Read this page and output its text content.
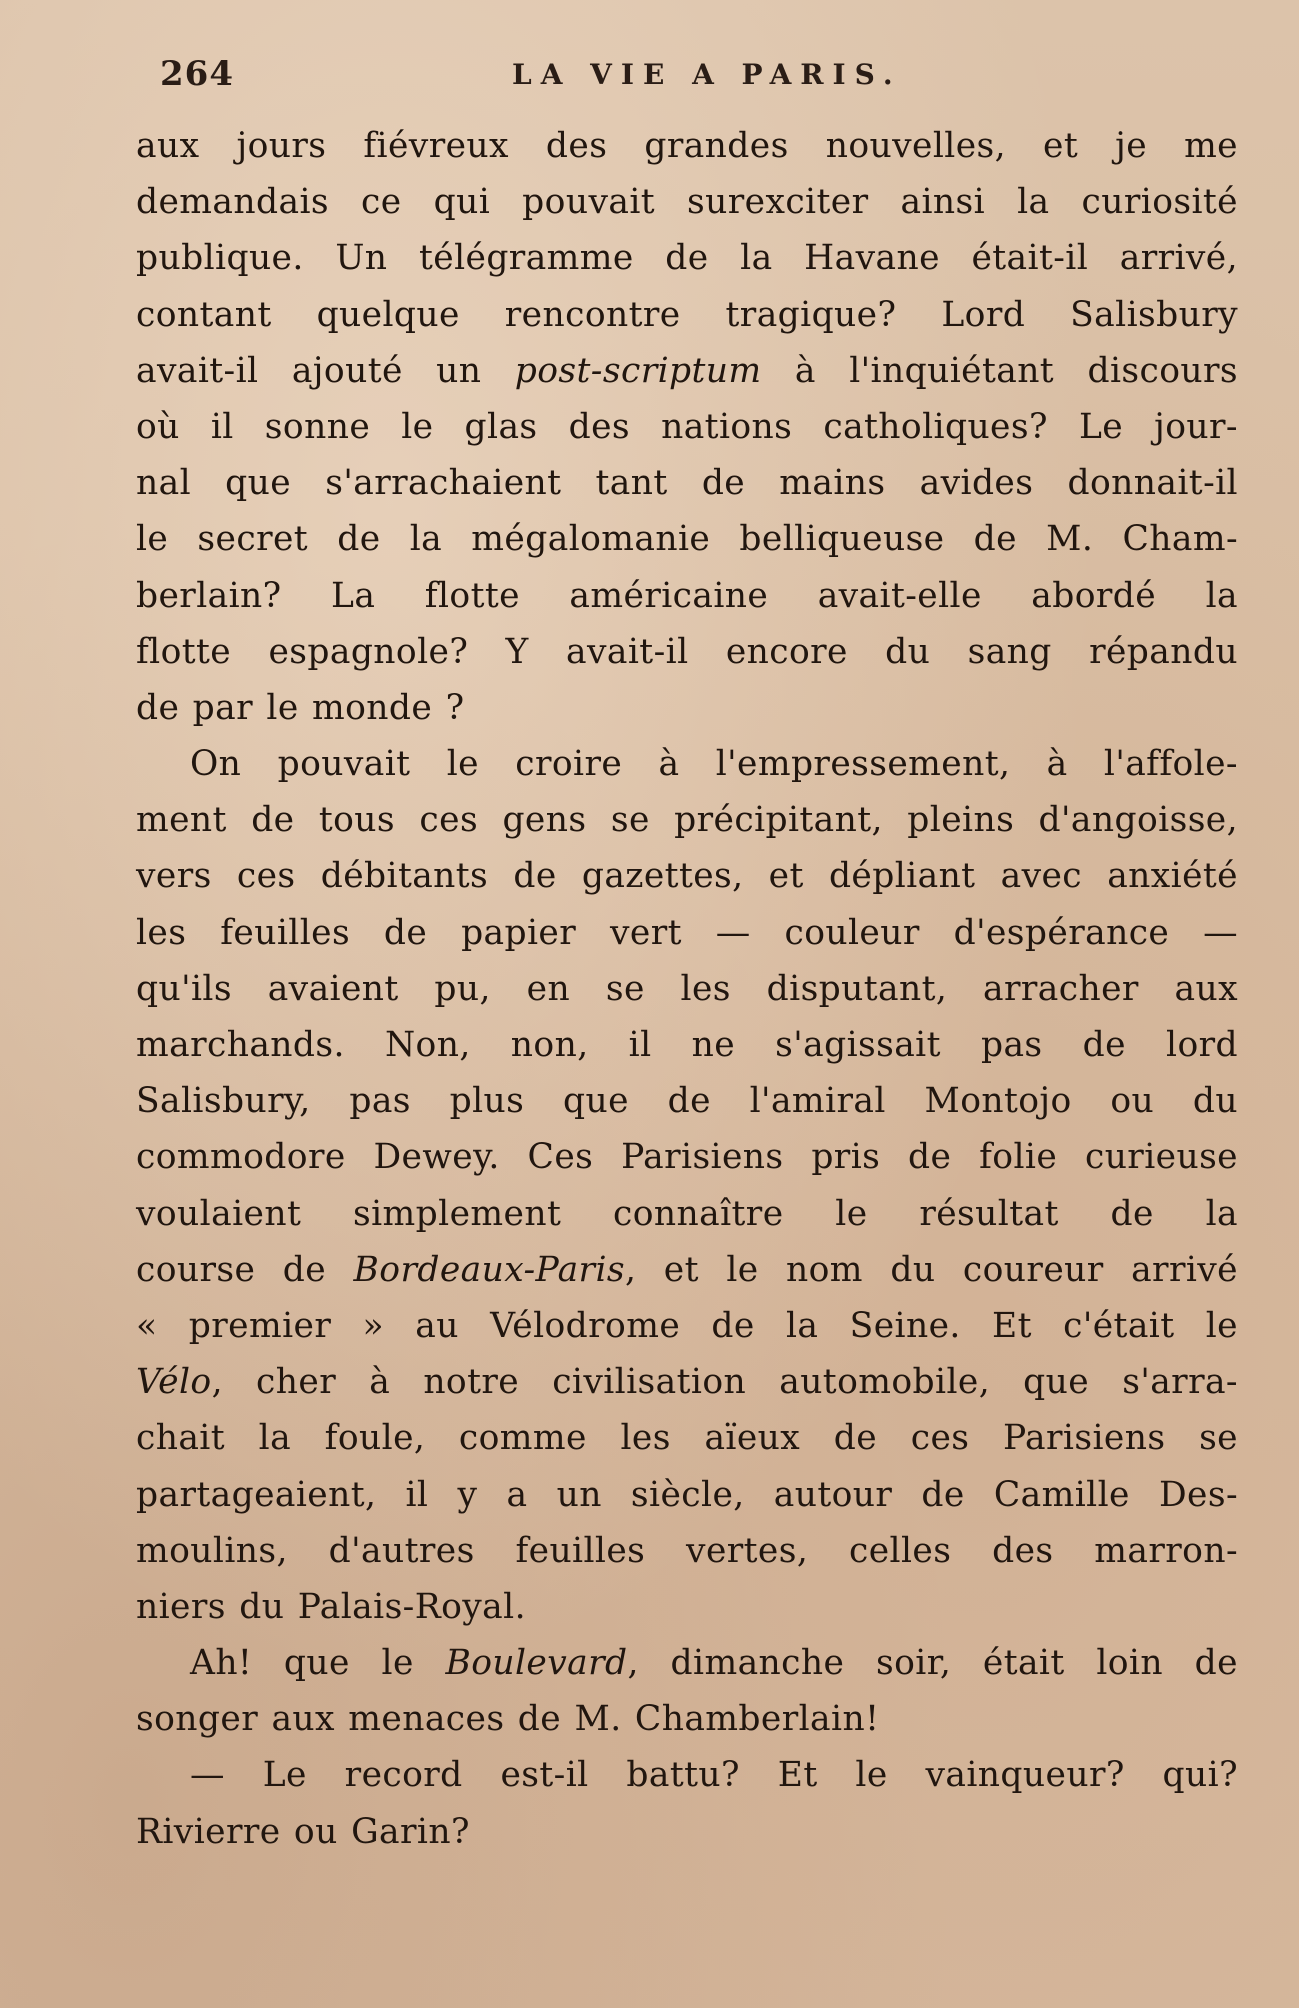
264	LA VIE A PARIS.
aux jours fiévreux des grandes nouvelles, et je me
demandais ce qui pouvait surexciter ainsi la curiosité
publique. Un télégramme de la Havane était-il arrivé,
contant quelque rencontre tragique? Lord Salisbury
avait-il ajouté un post-scriptum à l'inquiétant discours
où il sonne le glas des nations catholiques? Le jour-
nal que s'arrachaient tant de mains avides donnait-il
le secret de la mégalomanie belliqueuse de M. Cham-
berlain? La flotte américaine avait-elle abordé la
flotte espagnole? Y avait-il encore du sang répandu
de par le monde ?
On pouvait le croire à l'empressement, à l'affole-
ment de tous ces gens se précipitant, pleins d'angoisse,
vers ces débitants de gazettes, et dépliant avec anxiété
les feuilles de papier vert — couleur d'espérance —
qu'ils avaient pu, en se les disputant, arracher aux
marchands. Non, non, il ne s'agissait pas de lord
Salisbury, pas plus que de l'amiral Montojo ou du
commodore Dewey. Ces Parisiens pris de folie curieuse
voulaient simplement connaître le résultat de la
course de Bordeaux-Paris, et le nom du coureur arrivé
« premier » au Vélodrome de la Seine. Et c'était le
Vélo, cher à notre civilisation automobile, que s'arra-
chait la foule, comme les aïeux de ces Parisiens se
partageaient, il y a un siècle, autour de Camille Des-
moulins, d'autres feuilles vertes, celles des marron-
niers du Palais-Royal.
Ah! que le Boulevard, dimanche soir, était loin de
songer aux menaces de M. Chamberlain!
— Le record est-il battu? Et le vainqueur? qui?
Rivierre ou Garin?
